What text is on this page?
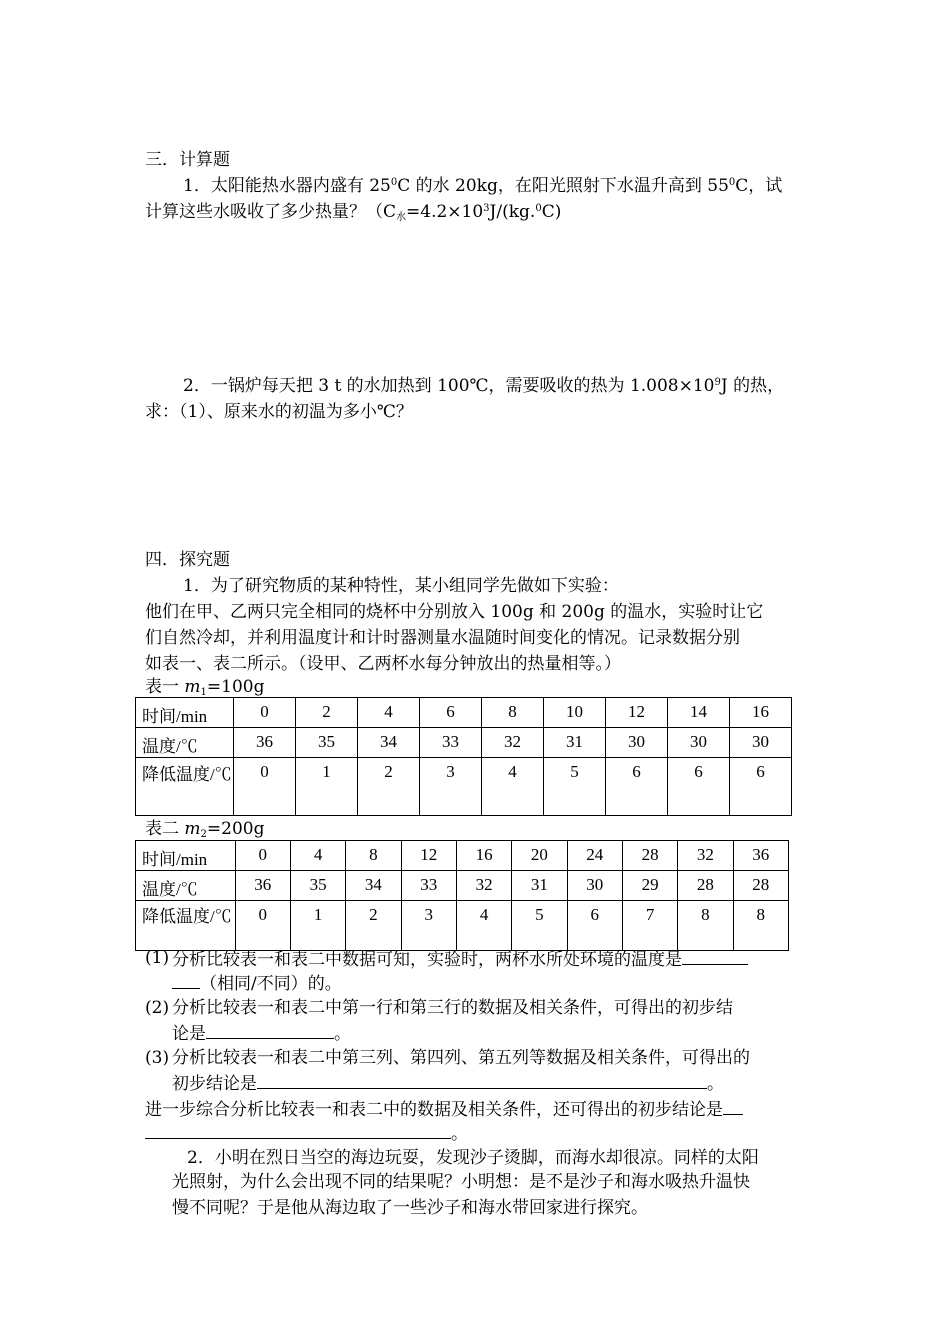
三．计算题
1．太阳能热水器内盛有 $25^0C$ 的水 20kg，在阳光照射下水温升高到 $55^0C$，试
计算这些水吸收了多少热量？（$C_水=4.2\times 10^3J/(kg.^0C)$
2．一锅炉每天把 3 t 的水加热到 100℃，需要吸收的热为 $1.008\times 10^9J$ 的热，
求：（1）、原来水的初温为多小℃？
四．探究题
1．为了研究物质的某种特性，某小组同学先做如下实验：
他们在甲、乙两只完全相同的烧杯中分别放入 100g 和 200g 的温水，实验时让它
们自然冷却，并利用温度计和计时器测量水温随时间变化的情况。记录数据分别
如表一、表二所示。（设甲、乙两杯水每分钟放出的热量相等。）
表一 $m_1=100g$
时间/min	0	2	4	6	8	10	12	14	16
温度/℃	36	35	34	33	32	31	30	30	30
降低温度/℃	0	1	2	3	4	5	6	6	6
表二 $m_2=200g$
时间/min	0	4	8	12	16	20	24	28	32	36
温度/℃	36	35	34	33	32	31	30	29	28	28
降低温度/℃	0	1	2	3	4	5	6	7	8	8
(1) 分析比较表一和表二中数据可知，实验时，两杯水所处环境的温度是
（相同/不同）的。
(2) 分析比较表一和表二中第一行和第三行的数据及相关条件，可得出的初步结
论是	。
(3) 分析比较表一和表二中第三列、第四列、第五列等数据及相关条件，可得出的
初步结论是	。
进一步综合分析比较表一和表二中的数据及相关条件，还可得出的初步结论是
。
2．小明在烈日当空的海边玩耍，发现沙子烫脚，而海水却很凉。同样的太阳
光照射，为什么会出现不同的结果呢？小明想：是不是沙子和海水吸热升温快
慢不同呢？于是他从海边取了一些沙子和海水带回家进行探究。
